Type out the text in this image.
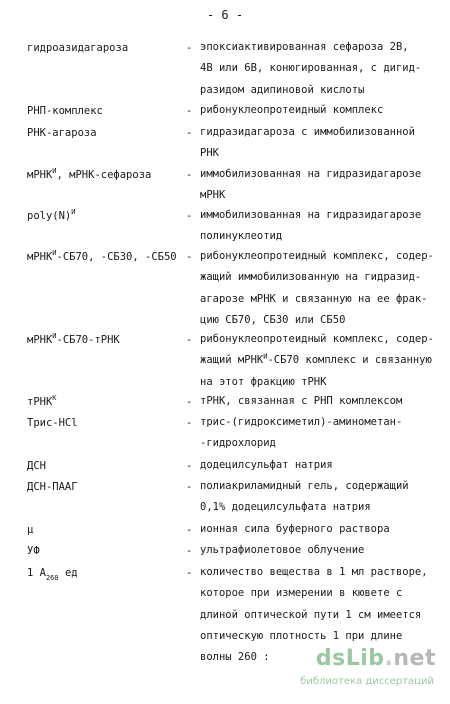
- 6 -
гидроазидагароза	- эпоксиактивированная сефароза 2В,
4В или 6В, конюгированная, с дигид-
разидом адипиновой кислоты
РНП-комплекс	- рибонуклеопротеидный комплекс
РНК-агароза	- гидразидагароза с иммобилизованной
РНК
мРНК$^И$, мРНК-сефароза	- иммобилизованная на гидразидагарозе
мРНК
$poly(N)^И$	- иммобилизованная на гидразидагарозе
полинуклеотид
мРНК$^И$-СБ70, -СБ30, -СБ50 - рибонуклеопротеидный комплекс, содер-
жащий иммобилизованную на гидразид-
агарозе мРНК и связанную на ее фрак-
цию СБ70, СБ30 или СБ50
мРНК$^И$-СБ70-тРНК	- рибонуклеопротеидный комплекс, содер-
жащий мРНК$^И$-СБ70 комплекс и связанную
на этот фракцию тРНК
тРНК$^К$	- тРНК, связанная с РНП комплексом
Трис-НCl	- трис-(гидроксиметил)-аминометан-
-гидрохлорид
ДСН	- додецилсульфат натрия
ДСН-ПААГ	- полиакриламидный гель, содержащий
0,1% додецилсульфата натрия
μ	- ионная сила буферного раствора
УФ	- ультрафиолетовое облучение
1 $А_{260}$ ед	- количество вещества в 1 мл растворе,
которое при измерении в кювете с
длиной оптической пути 1 см имеется
оптическую плотность 1 при длине
волны 260 :	dsLib.net
библиотека диссертаций
